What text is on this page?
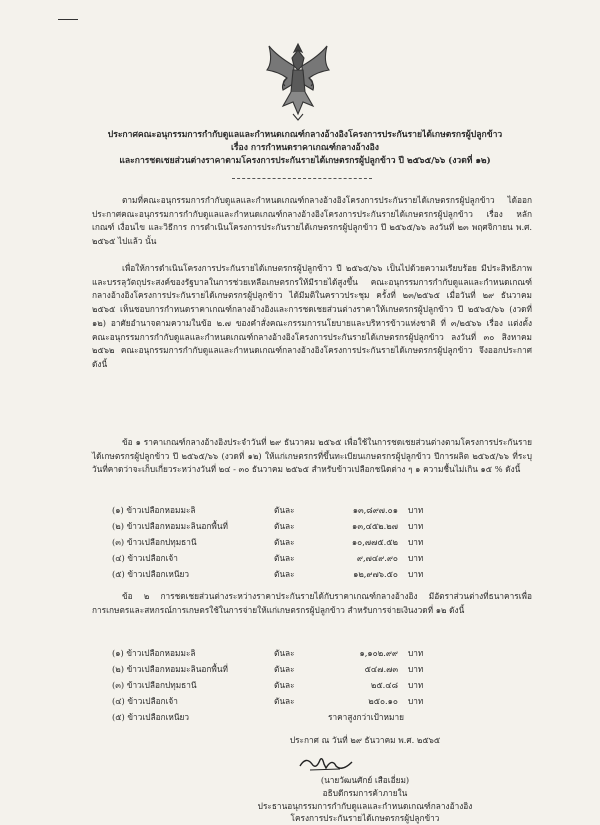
ประกาศคณะอนุกรรมการกำกับดูแลและกำหนดเกณฑ์กลางอ้างอิงโครงการประกันรายได้เกษตรกรผู้ปลูกข้าว
เรื่อง การกำหนดราคาเกณฑ์กลางอ้างอิง
และการชดเชยส่วนต่างราคาตามโครงการประกันรายได้เกษตรกรผู้ปลูกข้าว ปี ๒๕๖๕/๖๖ (งวดที่ ๑๒)
ตามที่คณะอนุกรรมการกำกับดูแลและกำหนดเกณฑ์กลางอ้างอิงโครงการประกันรายได้เกษตรกรผู้ปลูกข้าว ได้ออกประกาศคณะอนุกรรมการกำกับดูแลและกำหนดเกณฑ์กลางอ้างอิงโครงการประกันรายได้เกษตรกรผู้ปลูกข้าว เรื่อง หลักเกณฑ์ เงื่อนไข และวิธีการ การดำเนินโครงการประกันรายได้เกษตรกรผู้ปลูกข้าว ปี ๒๕๖๕/๖๖ ลงวันที่ ๒๓ พฤศจิกายน พ.ศ. ๒๕๖๕ ไปแล้ว นั้น
เพื่อให้การดำเนินโครงการประกันรายได้เกษตรกรผู้ปลูกข้าว ปี ๒๕๖๕/๖๖ เป็นไปด้วยความเรียบร้อย มีประสิทธิภาพ และบรรลุวัตถุประสงค์ของรัฐบาลในการช่วยเหลือเกษตรกรให้มีรายได้สูงขึ้น คณะอนุกรรมการกำกับดูแลและกำหนดเกณฑ์กลางอ้างอิงโครงการประกันรายได้เกษตรกรผู้ปลูกข้าว ได้มีมติในคราวประชุม ครั้งที่ ๒๓/๒๕๖๕ เมื่อวันที่ ๒๙ ธันวาคม ๒๕๖๕ เห็นชอบการกำหนดราคาเกณฑ์กลางอ้างอิงและการชดเชยส่วนต่างราคาให้เกษตรกรผู้ปลูกข้าว ปี ๒๕๖๕/๖๖ (งวดที่ ๑๒) อาศัยอำนาจตามความในข้อ ๒.๗ ของคำสั่งคณะกรรมการนโยบายและบริหารข้าวแห่งชาติ ที่ ๓/๒๕๖๖ เรื่อง แต่งตั้งคณะอนุกรรมการกำกับดูแลและกำหนดเกณฑ์กลางอ้างอิงโครงการประกันรายได้เกษตรกรผู้ปลูกข้าว ลงวันที่ ๓๐ สิงหาคม ๒๕๖๒ คณะอนุกรรมการกำกับดูแลและกำหนดเกณฑ์กลางอ้างอิงโครงการประกันรายได้เกษตรกรผู้ปลูกข้าว จึงออกประกาศ ดังนี้
ข้อ ๑ ราคาเกณฑ์กลางอ้างอิงประจำวันที่ ๒๙ ธันวาคม ๒๕๖๕ เพื่อใช้ในการชดเชยส่วนต่างตามโครงการประกันรายได้เกษตรกรผู้ปลูกข้าว ปี ๒๕๖๕/๖๖ (งวดที่ ๑๒) ให้แก่เกษตรกรที่ขึ้นทะเบียนเกษตรกรผู้ปลูกข้าว ปีการผลิต ๒๕๖๕/๖๖ ที่ระบุวันที่คาดว่าจะเก็บเกี่ยวระหว่างวันที่ ๒๔ - ๓๐ ธันวาคม ๒๕๖๕ สำหรับข้าวเปลือกชนิดต่าง ๆ ๑ ความชื้นไม่เกิน ๑๕ % ดังนี้
(๑) ข้าวเปลือกหอมมะลิ	ตันละ	๑๓,๘๙๗.๐๑ บาท
(๒) ข้าวเปลือกหอมมะลินอกพื้นที่	ตันละ	๑๓,๔๕๒.๒๗ บาท
(๓) ข้าวเปลือกปทุมธานี	ตันละ	๑๐,๗๗๕.๕๒ บาท
(๔) ข้าวเปลือกเจ้า	ตันละ	๙,๗๔๙.๙๐ บาท
(๕) ข้าวเปลือกเหนียว	ตันละ	๑๒,๙๗๖.๕๐ บาท
ข้อ ๒ การชดเชยส่วนต่างระหว่างราคาประกันรายได้กับราคาเกณฑ์กลางอ้างอิง มีอัตราส่วนต่างที่ธนาคารเพื่อการเกษตรและสหกรณ์การเกษตรใช้ในการจ่ายให้แก่เกษตรกรผู้ปลูกข้าว สำหรับการจ่ายเงินงวดที่ ๑๒ ดังนี้
(๑) ข้าวเปลือกหอมมะลิ	ตันละ	๑,๑๐๒.๙๙ บาท
(๒) ข้าวเปลือกหอมมะลินอกพื้นที่	ตันละ	๕๔๗.๗๓ บาท
(๓) ข้าวเปลือกปทุมธานี	ตันละ	๒๕.๔๘ บาท
(๔) ข้าวเปลือกเจ้า	ตันละ	๒๕๐.๑๐ บาท
(๕) ข้าวเปลือกเหนียว	ราคาสูงกว่าเป้าหมาย
ประกาศ ณ วันที่ ๒๙ ธันวาคม พ.ศ. ๒๕๖๕
(นายวัฒนศักย์ เสือเอี่ยม)
อธิบดีกรมการค้าภายใน
ประธานอนุกรรมการกำกับดูแลและกำหนดเกณฑ์กลางอ้างอิง
โครงการประกันรายได้เกษตรกรผู้ปลูกข้าว
